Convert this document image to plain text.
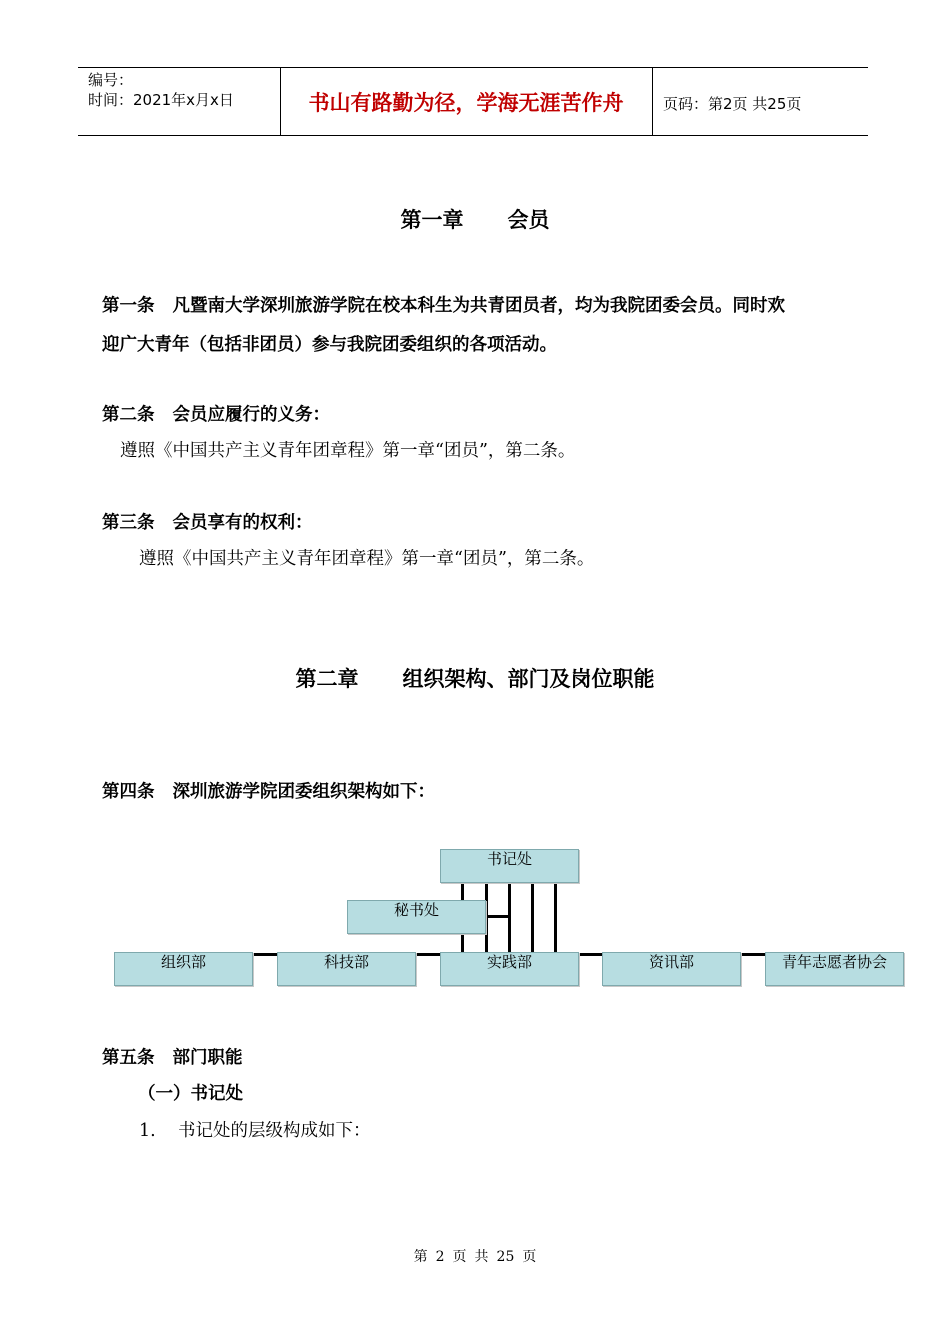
编号：
时间：2021年x月x日	书山有路勤为径，学海无涯苦作舟	页码：第2页 共25页
第一章 会员
第一条 凡暨南大学深圳旅游学院在校本科生为共青团员者，均为我院团委会员。同时欢
迎广大青年（包括非团员）参与我院团委组织的各项活动。
第二条 会员应履行的义务：
遵照《中国共产主义青年团章程》第一章“团员”，第二条。
第三条 会员享有的权利：
遵照《中国共产主义青年团章程》第一章“团员”，第二条。
第二章 组织架构、部门及岗位职能
第四条 深圳旅游学院团委组织架构如下：
书记处
秘书处
组织部	科技部	实践部	资讯部	青年志愿者协会
第五条 部门职能
（一）书记处
1. 书记处的层级构成如下：
第 2 页 共 25 页
